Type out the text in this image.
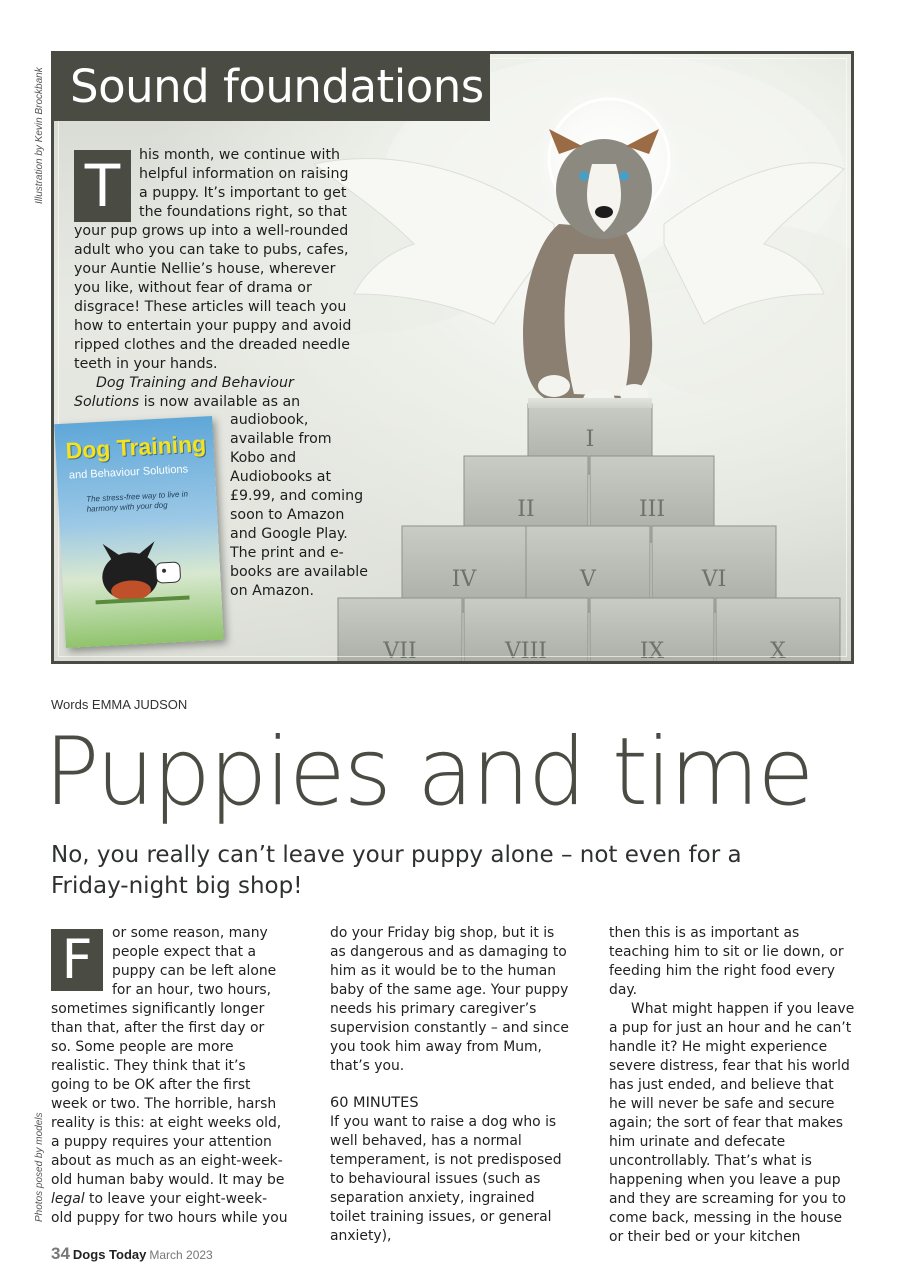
Illustration by Kevin Brockbank
I
II	III
IV	V	VI
VII	VIII	IX	X
Sound foundations

T	his month, we continue with helpful information on raising a puppy. It’s important to get the foundations right, so that your pup grows up into a well-rounded adult who you can take to pubs, cafes, your Auntie Nellie’s house, wherever you like, without fear of drama or disgrace! These articles will teach you how to entertain your puppy and avoid ripped clothes and the dreaded needle teeth in your hands.

Dog Training and Behaviour Solutions is now available as an

audiobook, available from Kobo and Audiobooks at £9.99, and coming soon to Amazon and Google Play. The print and e-books are available on Amazon.
Dog Training
and Behaviour Solutions
The stress-free way to live in harmony with your dog
Words EMMA JUDSON
Puppies and time
No, you really can’t leave your puppy alone – not even for a Friday-night big shop!

F	or some reason, many people expect that a puppy can be left alone for an hour, two hours, sometimes significantly longer than that, after the first day or so. Some people are more realistic. They think that it’s going to be OK after the first week or two. The horrible, harsh reality is this: at eight weeks old, a puppy requires your attention about as much as an eight-week-old human baby would. It may be legal to leave your eight-week-old puppy for two hours while you

do your Friday big shop, but it is as dangerous and as damaging to him as it would be to the human baby of the same age. Your puppy needs his primary caregiver’s supervision constantly – and since you took him away from Mum, that’s you.

60 MINUTES

If you want to raise a dog who is well behaved, has a normal temperament, is not predisposed to behavioural issues (such as separation anxiety, ingrained toilet training issues, or general anxiety),

then this is as important as teaching him to sit or lie down, or feeding him the right food every day.

What might happen if you leave a pup for just an hour and he can’t handle it? He might experience severe distress, fear that his world has just ended, and believe that he will never be safe and secure again; the sort of fear that makes him urinate and defecate uncontrollably. That’s what is happening when you leave a pup and they are screaming for you to come back, messing in the house or their bed or your kitchen

Photos posed by models
34 Dogs Today March 2023
